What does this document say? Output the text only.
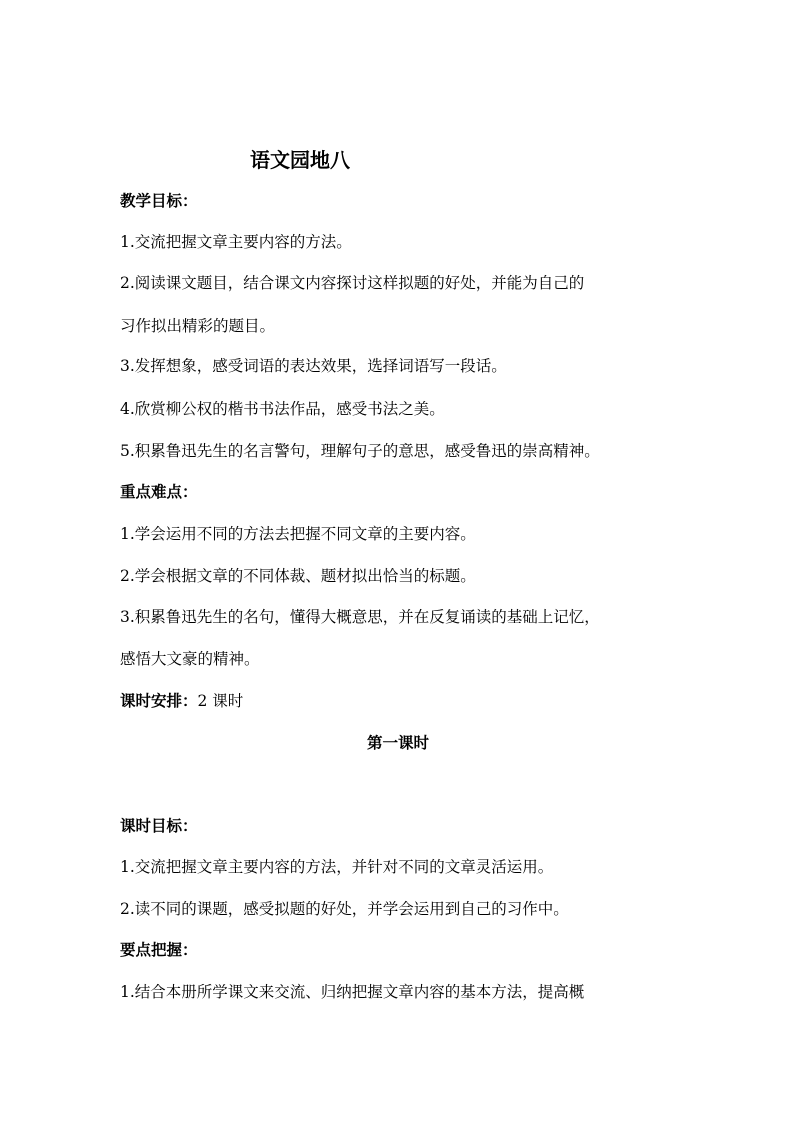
语文园地八

教学目标：

1.交流把握文章主要内容的方法。

2.阅读课文题目，结合课文内容探讨这样拟题的好处，并能为自己的

习作拟出精彩的题目。

3.发挥想象，感受词语的表达效果，选择词语写一段话。

4.欣赏柳公权的楷书书法作品，感受书法之美。

5.积累鲁迅先生的名言警句，理解句子的意思，感受鲁迅的崇高精神。

重点难点：

1.学会运用不同的方法去把握不同文章的主要内容。

2.学会根据文章的不同体裁、题材拟出恰当的标题。

3.积累鲁迅先生的名句，懂得大概意思，并在反复诵读的基础上记忆，

感悟大文豪的精神。

课时安排：2 课时

第一课时

课时目标：

1.交流把握文章主要内容的方法，并针对不同的文章灵活运用。

2.读不同的课题，感受拟题的好处，并学会运用到自己的习作中。

要点把握：

1.结合本册所学课文来交流、归纳把握文章内容的基本方法，提高概
